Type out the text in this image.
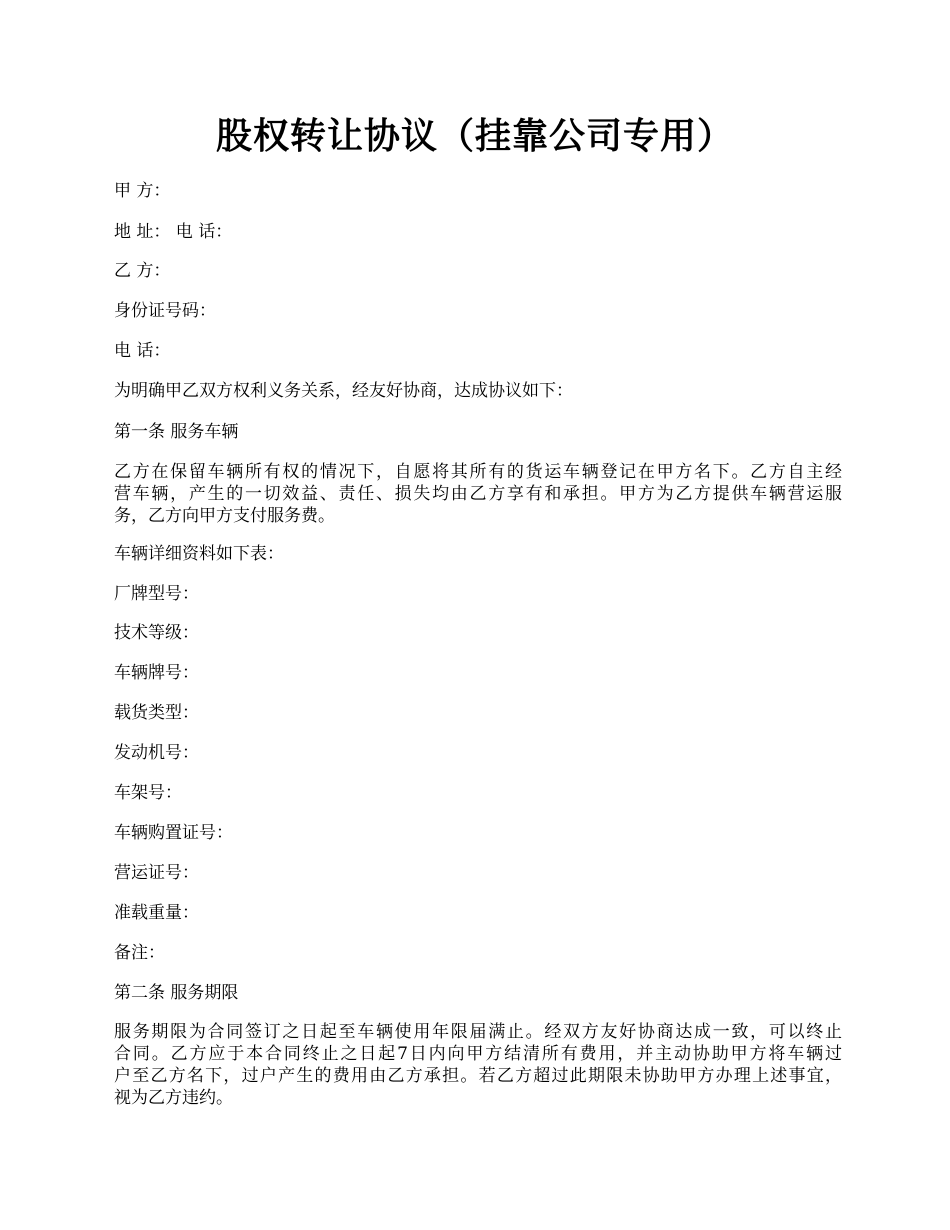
股权转让协议（挂靠公司专用）
甲 方：
地 址： 电 话：
乙 方：
身份证号码：
电 话：
为明确甲乙双方权利义务关系，经友好协商，达成协议如下：
第一条 服务车辆
乙方在保留车辆所有权的情况下，自愿将其所有的货运车辆登记在甲方名下。乙方自主经
营车辆，产生的一切效益、责任、损失均由乙方享有和承担。甲方为乙方提供车辆营运服
务，乙方向甲方支付服务费。
车辆详细资料如下表：
厂牌型号：
技术等级：
车辆牌号：
载货类型：
发动机号：
车架号：
车辆购置证号：
营运证号：
准载重量：
备注：
第二条 服务期限
服务期限为合同签订之日起至车辆使用年限届满止。经双方友好协商达成一致，可以终止
合同。乙方应于本合同终止之日起7日内向甲方结清所有费用，并主动协助甲方将车辆过
户至乙方名下，过户产生的费用由乙方承担。若乙方超过此期限未协助甲方办理上述事宜，
视为乙方违约。
